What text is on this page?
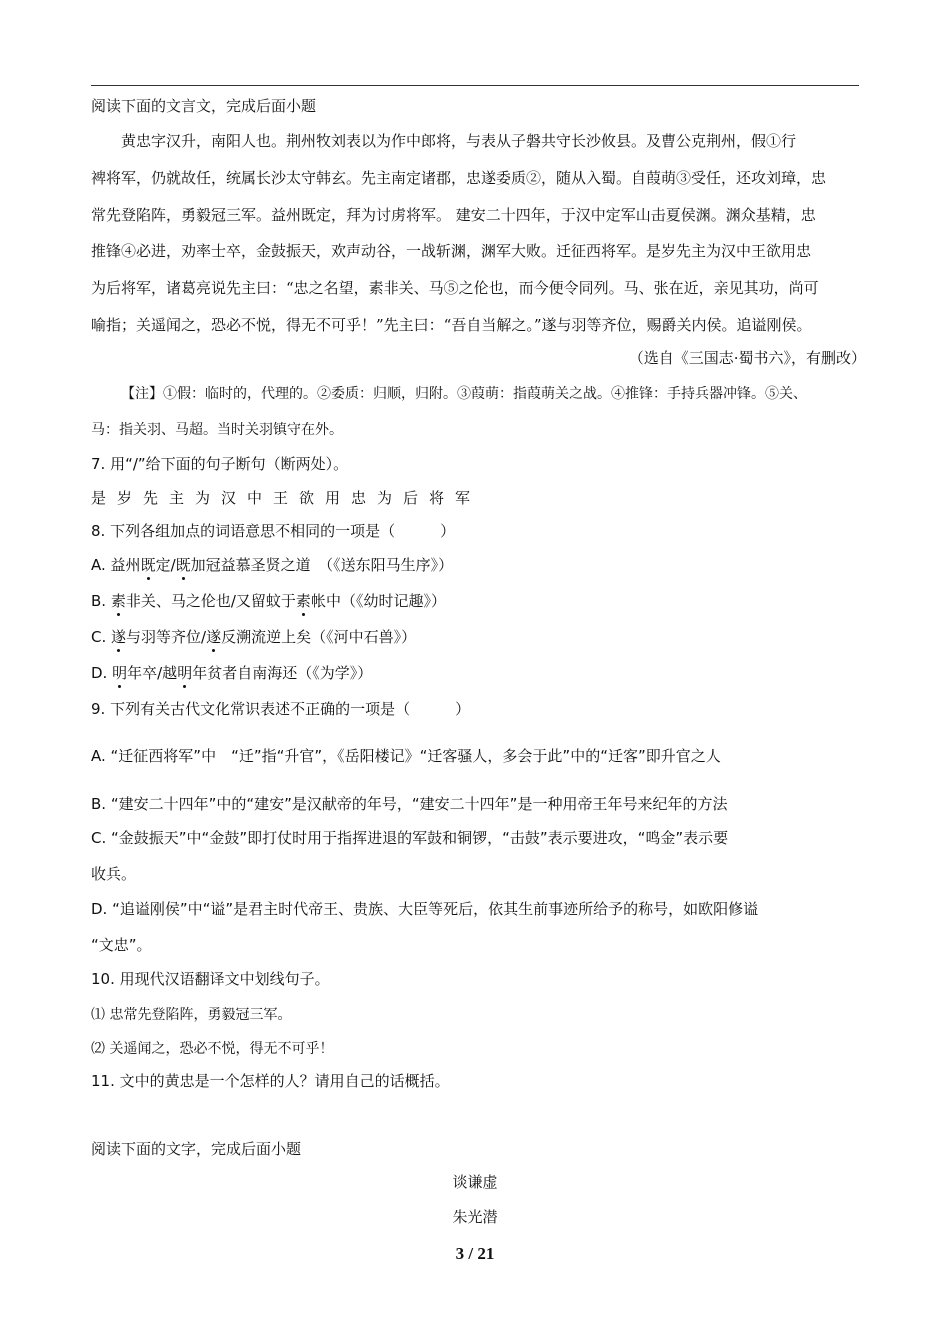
阅读下面的文言文，完成后面小题
黄忠字汉升，南阳人也。荆州牧刘表以为作中郎将，与表从子磐共守长沙攸县。及曹公克荆州，假①行
裨将军，仍就故任，统属长沙太守韩玄。先主南定诸郡，忠遂委质②，随从入蜀。自葭萌③受任，还攻刘璋，忠
常先登陷阵，勇毅冠三军。益州既定，拜为讨虏将军。 建安二十四年，于汉中定军山击夏侯渊。渊众基精，忠
推锋④必进，劝率士卒，金鼓振天，欢声动谷，一战斩渊，渊军大败。迁征西将军。是岁先主为汉中王欲用忠
为后将军，诸葛亮说先主曰：“忠之名望，素非关、马⑤之伦也，而今便令同列。马、张在近，亲见其功，尚可
喻指；关遥闻之，恐必不悦，得无不可乎！”先主曰：“吾自当解之。”遂与羽等齐位，赐爵关内侯。追谥刚侯。
（选自《三国志·蜀书六》，有删改）
【注】①假：临时的，代理的。②委质：归顺，归附。③葭萌：指葭萌关之战。④推锋：手持兵器冲锋。⑤关、
马：指关羽、马超。当时关羽镇守在外。
7. 用“/”给下面的句子断句（断两处）。
是岁先主为汉中王欲用忠为后将军
8. 下列各组加点的词语意思不相同的一项是（　　　）
A. 益州既定/既加冠益慕圣贤之道　（《送东阳马生序》）
B. 素非关、马之伦也/又留蚊于素帐中（《幼时记趣》）
C. 遂与羽等齐位/遂反溯流逆上矣（《河中石兽》）
D. 明年卒/越明年贫者自南海还（《为学》）
9. 下列有关古代文化常识表述不正确的一项是（　　　）
A. “迁征西将军”中　“迁”指“升官”，《岳阳楼记》“迁客骚人，多会于此”中的“迁客”即升官之人
B. “建安二十四年”中的“建安”是汉献帝的年号，“建安二十四年”是一种用帝王年号来纪年的方法
C. “金鼓振天”中“金鼓”即打仗时用于指挥进退的军鼓和铜锣，“击鼓”表示要进攻，“鸣金”表示要
收兵。
D. “追谥刚侯”中“谥”是君主时代帝王、贵族、大臣等死后，依其生前事迹所给予的称号，如欧阳修谥
“文忠”。
10. 用现代汉语翻译文中划线句子。
⑴ 忠常先登陷阵，勇毅冠三军。
⑵ 关遥闻之，恐必不悦，得无不可乎！
11. 文中的黄忠是一个怎样的人？请用自己的话概括。
阅读下面的文字，完成后面小题
谈谦虚
朱光潜
3 / 21
